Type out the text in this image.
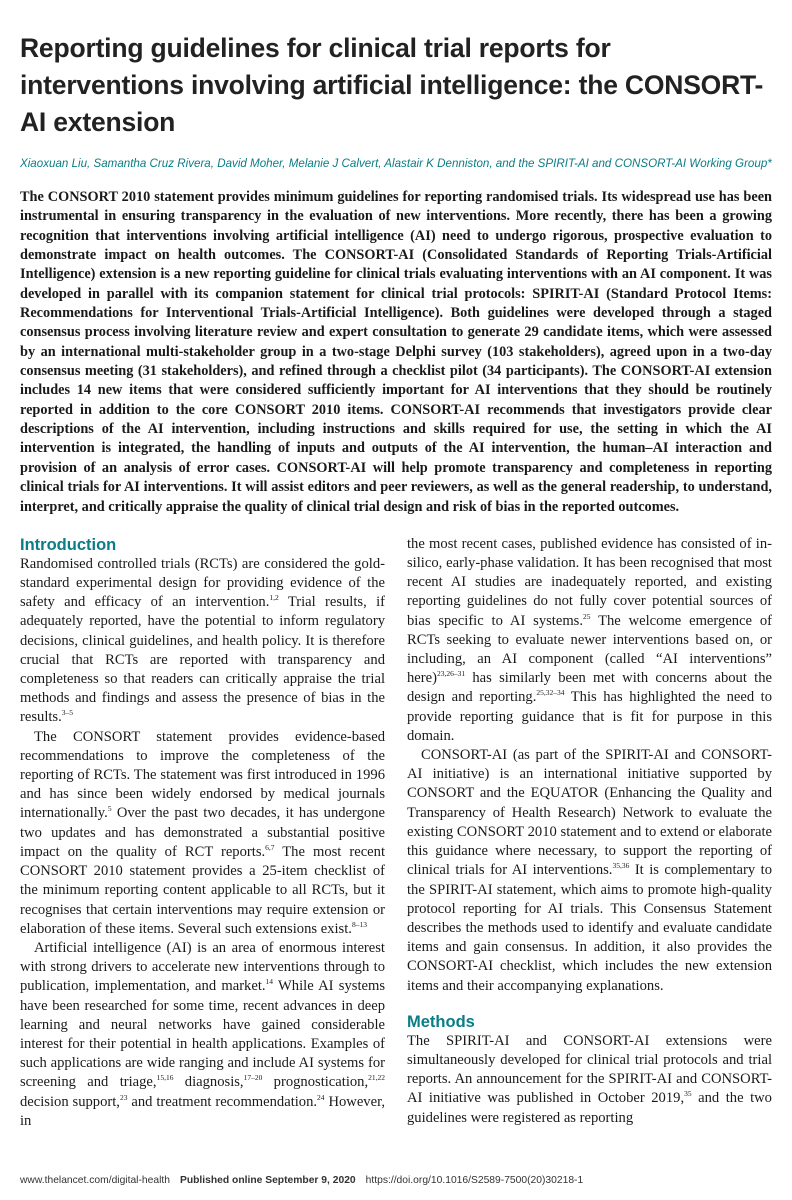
Reporting guidelines for clinical trial reports for interventions involving artificial intelligence: the CONSORT-AI extension
Xiaoxuan Liu, Samantha Cruz Rivera, David Moher, Melanie J Calvert, Alastair K Denniston, and the SPIRIT-AI and CONSORT-AI Working Group*
The CONSORT 2010 statement provides minimum guidelines for reporting randomised trials. Its widespread use has been instrumental in ensuring transparency in the evaluation of new interventions. More recently, there has been a growing recognition that interventions involving artificial intelligence (AI) need to undergo rigorous, prospective evaluation to demonstrate impact on health outcomes. The CONSORT-AI (Consolidated Standards of Reporting Trials-Artificial Intelligence) extension is a new reporting guideline for clinical trials evaluating interventions with an AI component. It was developed in parallel with its companion statement for clinical trial protocols: SPIRIT-AI (Standard Protocol Items: Recommendations for Interventional Trials-Artificial Intelligence). Both guidelines were developed through a staged consensus process involving literature review and expert consultation to generate 29 candidate items, which were assessed by an international multi-stakeholder group in a two-stage Delphi survey (103 stakeholders), agreed upon in a two-day consensus meeting (31 stakeholders), and refined through a checklist pilot (34 participants). The CONSORT-AI extension includes 14 new items that were considered sufficiently important for AI interventions that they should be routinely reported in addition to the core CONSORT 2010 items. CONSORT-AI recommends that investigators provide clear descriptions of the AI intervention, including instructions and skills required for use, the setting in which the AI intervention is integrated, the handling of inputs and outputs of the AI intervention, the human–AI interaction and provision of an analysis of error cases. CONSORT-AI will help promote transparency and completeness in reporting clinical trials for AI interventions. It will assist editors and peer reviewers, as well as the general readership, to understand, interpret, and critically appraise the quality of clinical trial design and risk of bias in the reported outcomes.
Introduction

Randomised controlled trials (RCTs) are considered the gold-standard experimental design for providing evidence of the safety and efficacy of an intervention.$^{1,2}$ Trial results, if adequately reported, have the potential to inform regulatory decisions, clinical guidelines, and health policy. It is therefore crucial that RCTs are reported with transparency and completeness so that readers can critically appraise the trial methods and findings and assess the presence of bias in the results.$^{3-5}$

The CONSORT statement provides evidence-based recommendations to improve the completeness of the reporting of RCTs. The statement was first introduced in 1996 and has since been widely endorsed by medical journals internationally.$^5$ Over the past two decades, it has undergone two updates and has demonstrated a substantial positive impact on the quality of RCT reports.$^{6,7}$ The most recent CONSORT 2010 statement provides a 25-item checklist of the minimum reporting content applicable to all RCTs, but it recognises that certain interventions may require extension or elaboration of these items. Several such extensions exist.$^{8-13}$

Artificial intelligence (AI) is an area of enormous interest with strong drivers to accelerate new interventions through to publication, implementation, and market.$^{14}$ While AI systems have been researched for some time, recent advances in deep learning and neural networks have gained considerable interest for their potential in health applications. Examples of such applications are wide ranging and include AI systems for screening and triage,$^{15,16}$ diagnosis,$^{17-20}$ prognostication,$^{21,22}$ decision support,$^{23}$ and treatment recommendation.$^{24}$ However, in

the most recent cases, published evidence has consisted of in-silico, early-phase validation. It has been recognised that most recent AI studies are inadequately reported, and existing reporting guidelines do not fully cover potential sources of bias specific to AI systems.$^{25}$ The welcome emergence of RCTs seeking to evaluate newer interventions based on, or including, an AI component (called “AI interventions” here)$^{23,26-31}$ has similarly been met with concerns about the design and reporting.$^{25,32-34}$ This has highlighted the need to provide reporting guidance that is fit for purpose in this domain.

CONSORT-AI (as part of the SPIRIT-AI and CONSORT-AI initiative) is an international initiative supported by CONSORT and the EQUATOR (Enhancing the Quality and Transparency of Health Research) Network to evaluate the existing CONSORT 2010 statement and to extend or elaborate this guidance where necessary, to support the reporting of clinical trials for AI interventions.$^{35,36}$ It is complementary to the SPIRIT-AI statement, which aims to promote high-quality protocol reporting for AI trials. This Consensus Statement describes the methods used to identify and evaluate candidate items and gain consensus. In addition, it also provides the CONSORT-AI checklist, which includes the new extension items and their accompanying explanations.

Methods

The SPIRIT-AI and CONSORT-AI extensions were simultaneously developed for clinical trial protocols and trial reports. An announcement for the SPIRIT-AI and CONSORT-AI initiative was published in October 2019,35 and the two guidelines were registered as reporting

www.thelancet.com/digital-health Published online September 9, 2020 https://doi.org/10.1016/S2589-7500(20)30218-1
